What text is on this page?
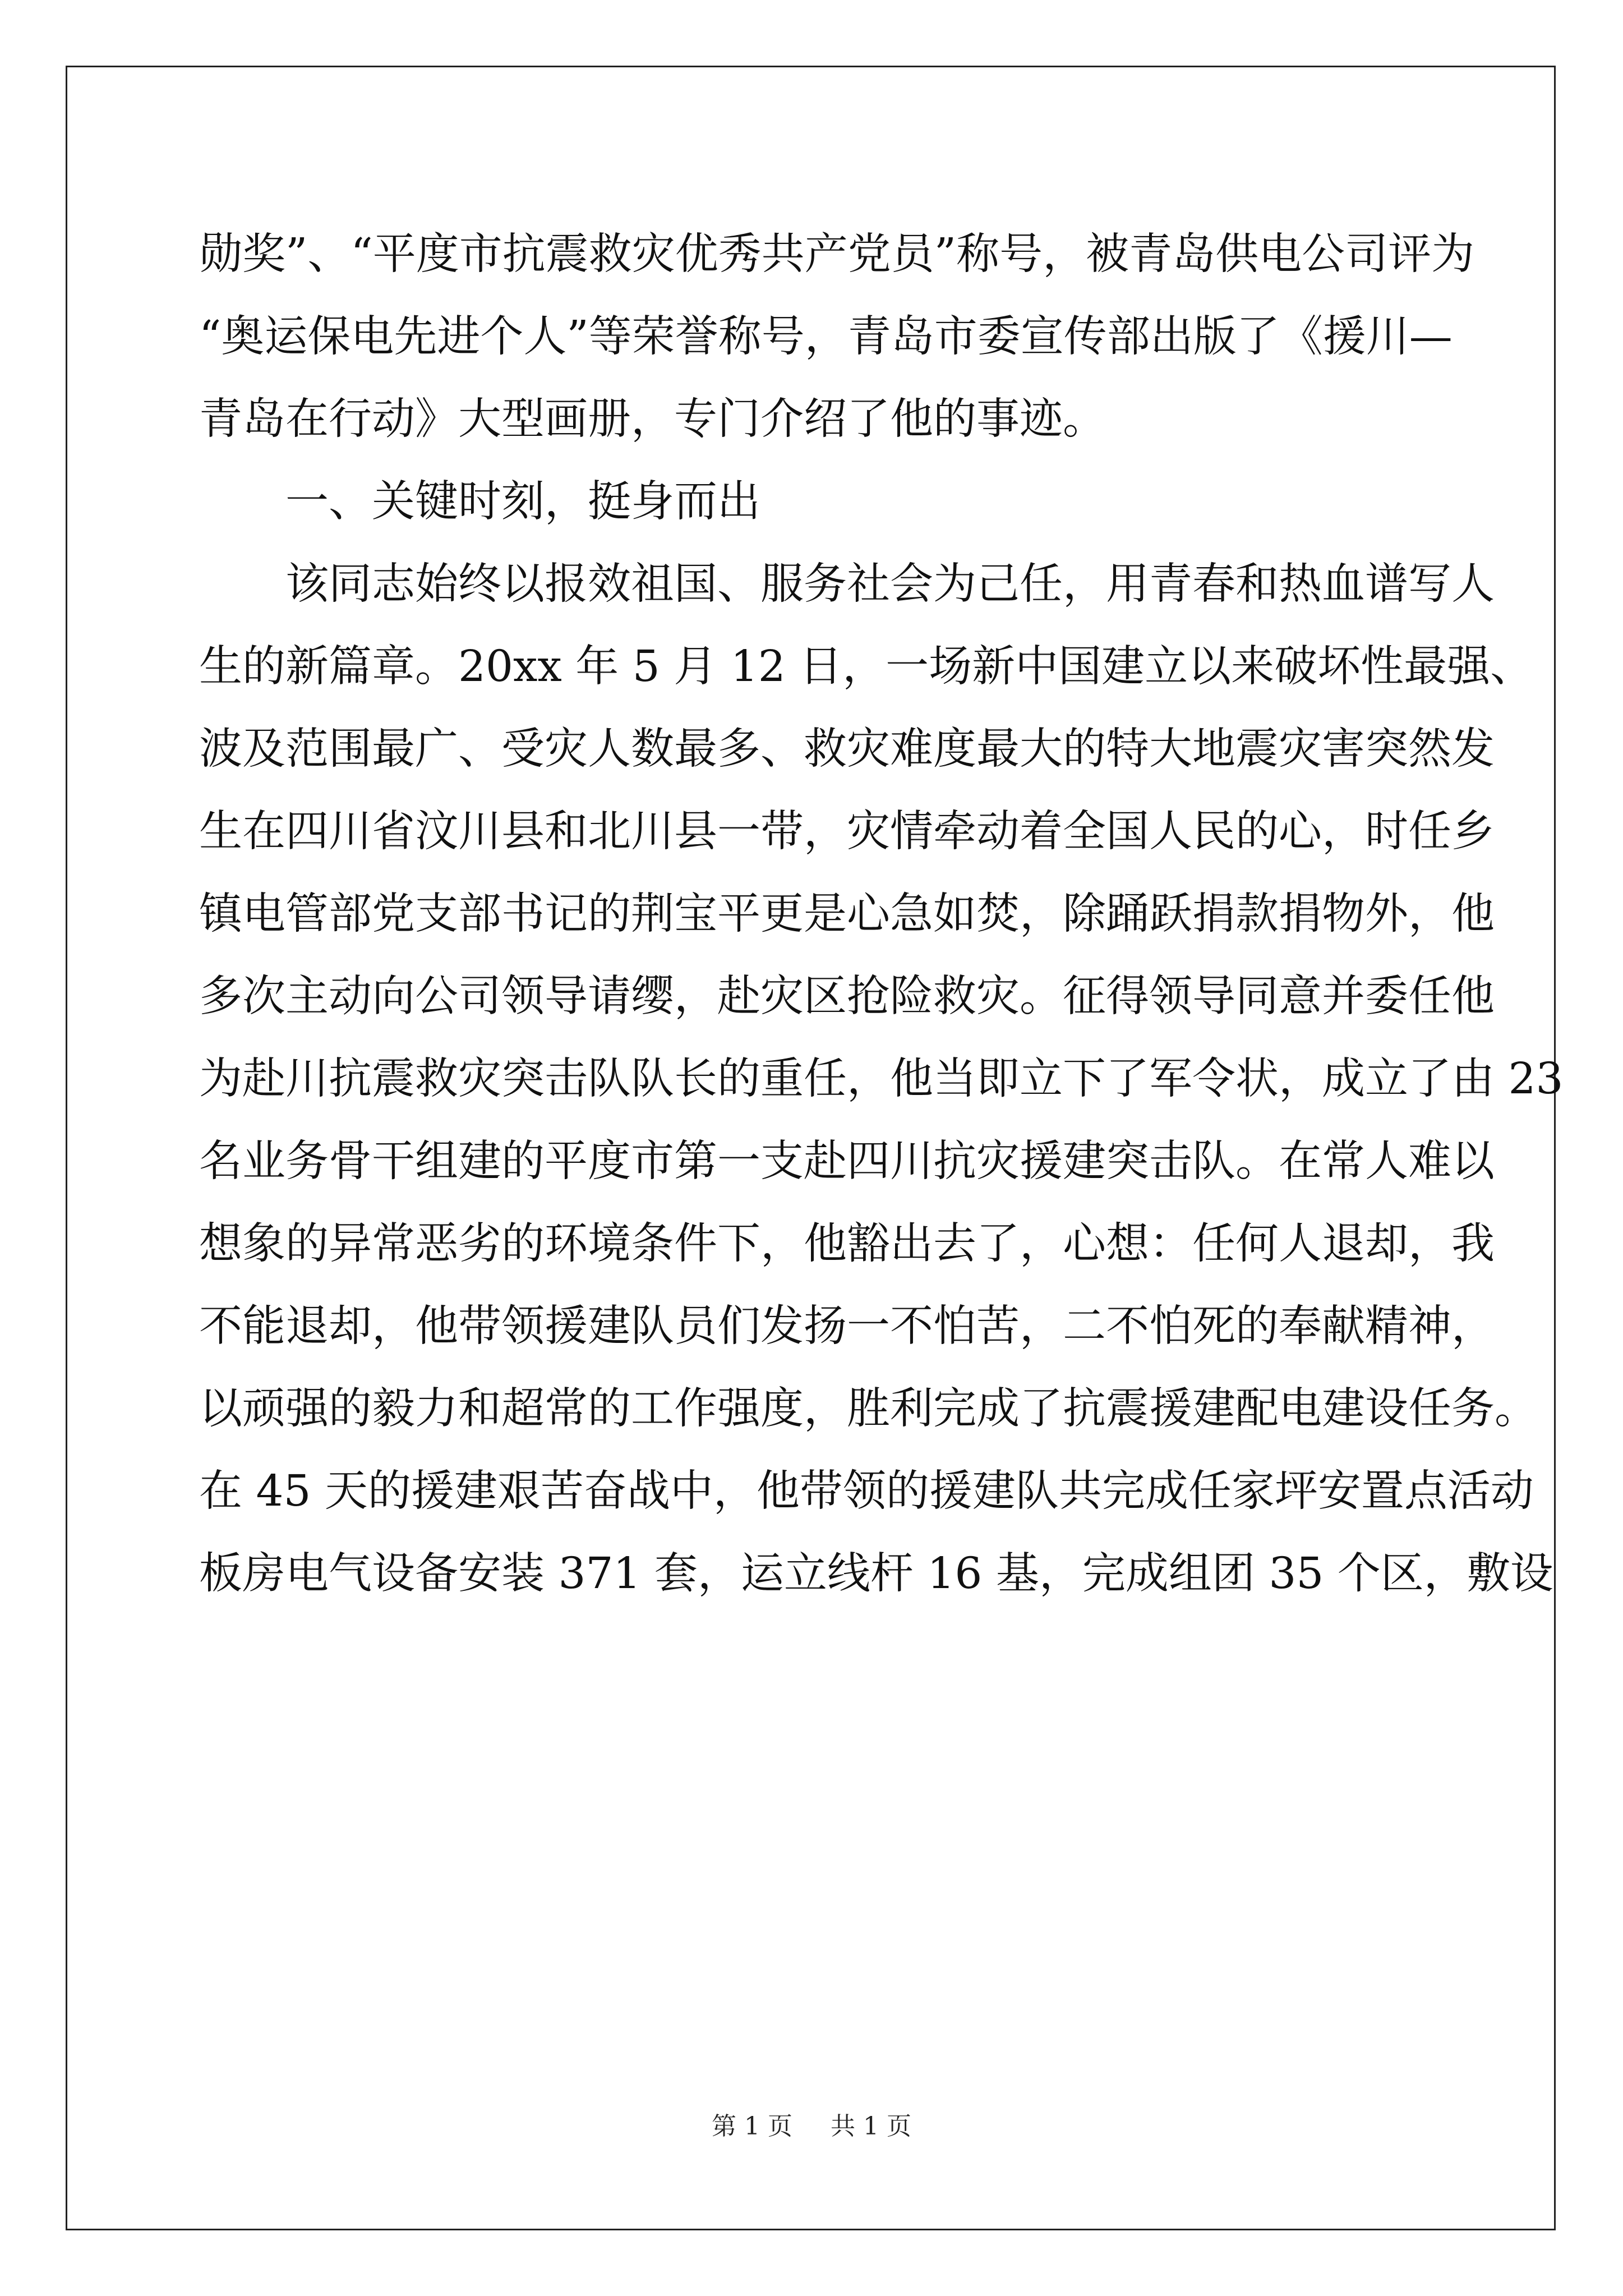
勋奖”、“平度市抗震救灾优秀共产党员”称号，被青岛供电公司评为
“奥运保电先进个人”等荣誉称号，青岛市委宣传部出版了《援川—
青岛在行动》大型画册，专门介绍了他的事迹。

一、关键时刻，挺身而出

该同志始终以报效祖国、服务社会为己任，用青春和热血谱写人
生的新篇章。20xx 年 5 月 12 日，一场新中国建立以来破坏性最强、
波及范围最广、受灾人数最多、救灾难度最大的特大地震灾害突然发
生在四川省汶川县和北川县一带，灾情牵动着全国人民的心，时任乡
镇电管部党支部书记的荆宝平更是心急如焚，除踊跃捐款捐物外，他
多次主动向公司领导请缨，赴灾区抢险救灾。征得领导同意并委任他
为赴川抗震救灾突击队队长的重任，他当即立下了军令状，成立了由 23
名业务骨干组建的平度市第一支赴四川抗灾援建突击队。在常人难以
想象的异常恶劣的环境条件下，他豁出去了，心想：任何人退却，我
不能退却，他带领援建队员们发扬一不怕苦，二不怕死的奉献精神，
以顽强的毅力和超常的工作强度，胜利完成了抗震援建配电建设任务。
在 45 天的援建艰苦奋战中，他带领的援建队共完成任家坪安置点活动
板房电气设备安装 371 套，运立线杆 16 基，完成组团 35 个区，敷设

第 1 页 共 1 页
